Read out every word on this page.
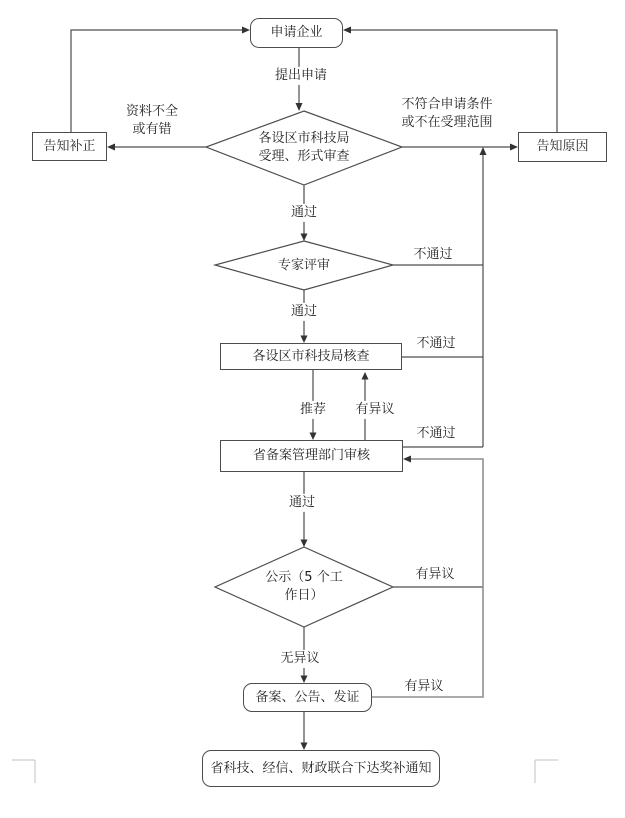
申请企业
告知补正	告知原因
各设区市科技局核查
省备案管理部门审核
备案、公告、发证
省科技、经信、财政联合下达奖补通知
各设区市科技局
受理、形式审查
专家评审
公示（5 个工
作日）
提出申请
资料不全
或有错
不符合申请条件
或不在受理范围
通过
不通过
通过
不通过
推荐 有异议
不通过
通过
有异议
无异议
有异议
